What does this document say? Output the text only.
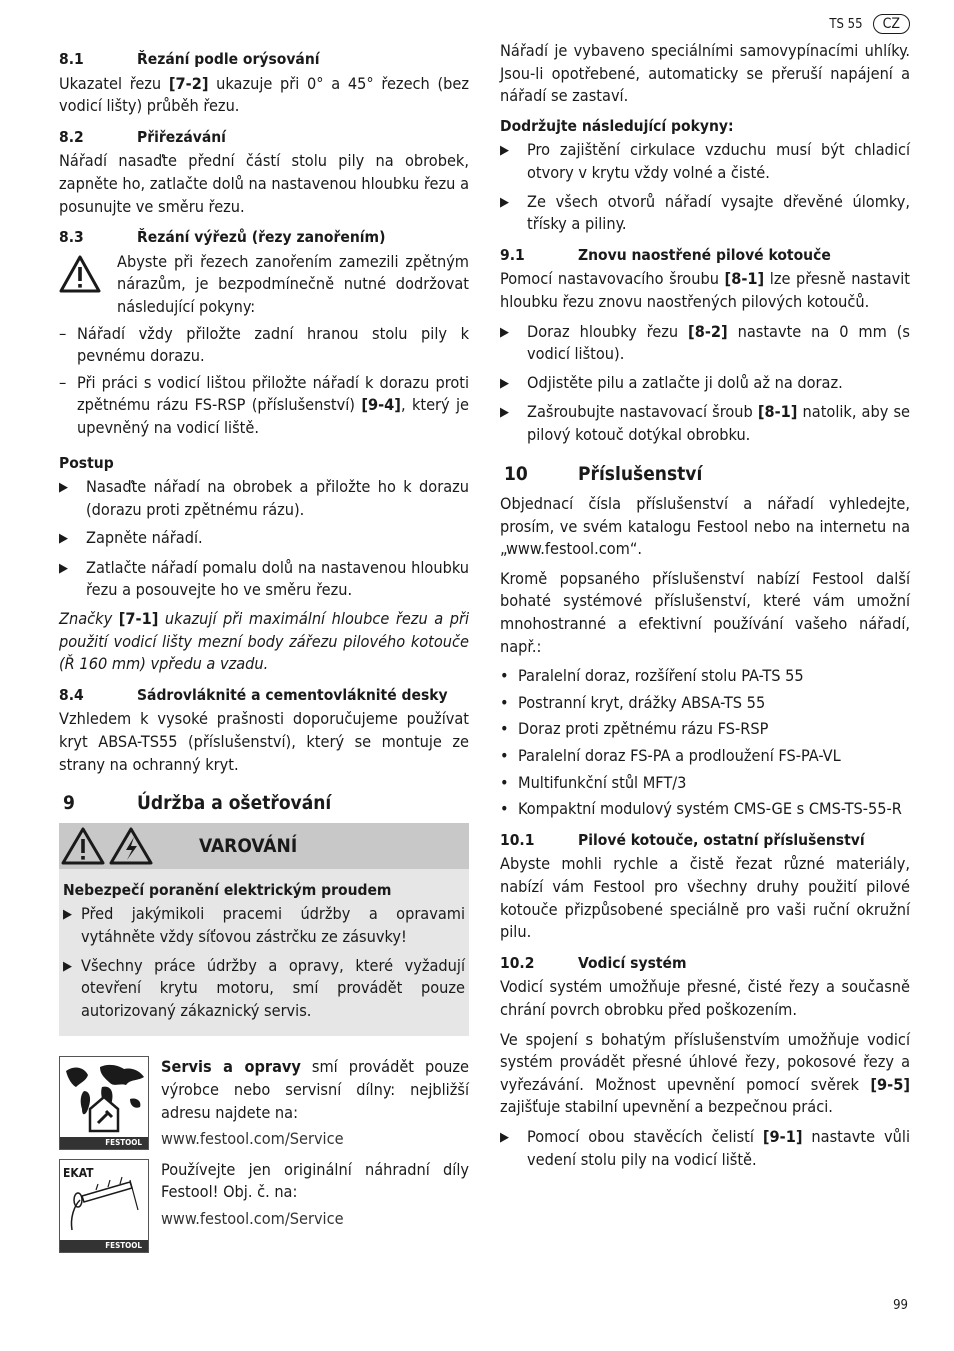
TS 55	CZ
8.1	Řezání podle orýsování

Ukazatel řezu [7-2] ukazuje při 0° a 45° řezech (bez vodicí lišty) průběh řezu.

8.2	Přiřezávání

Nářadí nasaďte přední částí stolu pily na obrobek, zapněte ho, zatlačte dolů na nastavenou hloubku řezu a posunujte ve směru řezu.

8.3	Řezání výřezů (řezy zanořením)
Abyste při řezech zanořením zamezili zpětným nárazům, je bezpodmínečně nutné dodržovat následující pokyny:
– Nářadí vždy přiložte zadní hranou stolu pily k pevnému dorazu.
– Při práci s vodicí lištou přiložte nářadí k dorazu proti zpětnému rázu FS-RSP (příslušenství) [9-4], který je upevněný na vodicí liště.
Postup
▶	Nasaďte nářadí na obrobek a přiložte ho k dorazu (dorazu proti zpětnému rázu).
▶	Zapněte nářadí.
▶	Zatlačte nářadí pomalu dolů na nastavenou hloubku řezu a posouvejte ho ve směru řezu.

Značky [7-1] ukazují při maximální hloubce řezu a při použití vodicí lišty mezní body zářezu pilového kotouče (Ř 160 mm) vpředu a vzadu.

8.4	Sádrovláknité a cementovláknité desky

Vzhledem k vysoké prašnosti doporučujeme používat kryt ABSA-TS55 (příslušenství), který se montuje ze strany na ochranný kryt.

9	Údržba a ošetřování
VAROVÁNÍ
Nebezpečí poranění elektrickým proudem
▶ Před jakýmikoli pracemi údržby a opravami vytáhněte vždy síťovou zástrčku ze zásuvky!
▶ Všechny práce údržby a opravy, které vyžadují otevření krytu motoru, smí provádět pouze autorizovaný zákaznický servis.
FESTOOL

Servis a opravy smí provádět pouze výrobce nebo servisní dílny: nejbližší adresu najdete na:

www.festool.com/Service
EKAT
FESTOOL

Používejte jen originální náhradní díly Festool! Obj. č. na:

www.festool.com/Service

Nářadí je vybaveno speciálními samovypínacími uhlíky. Jsou-li opotřebené, automaticky se přeruší napájení a nářadí se zastaví.

Dodržujte následující pokyny:
▶	Pro zajištění cirkulace vzduchu musí být chladicí otvory v krytu vždy volné a čisté.
▶	Ze všech otvorů nářadí vysajte dřevěné úlomky, třísky a piliny.
9.1	Znovu naostřené pilové kotouče

Pomocí nastavovacího šroubu [8-1] lze přesně nastavit hloubku řezu znovu naostřených pilových kotoučů.

▶	Doraz hloubky řezu [8-2] nastavte na 0 mm (s vodicí lištou).
▶	Odjistěte pilu a zatlačte ji dolů až na doraz.
▶	Zašroubujte nastavovací šroub [8-1] natolik, aby se pilový kotouč dotýkal obrobku.
10	Příslušenství

Objednací čísla příslušenství a nářadí vyhledejte, prosím, ve svém katalogu Festool nebo na internetu na „www.festool.com“.

Kromě popsaného příslušenství nabízí Festool další bohaté systémové příslušenství, které vám umožní mnohostranné a efektivní používání vašeho nářadí, např.:

• Paralelní doraz, rozšíření stolu PA-TS 55
• Postranní kryt, drážky ABSA-TS 55
• Doraz proti zpětnému rázu FS-RSP
• Paralelní doraz FS-PA a prodloužení FS-PA-VL
• Multifunkční stůl MFT/3
• Kompaktní modulový systém CMS-GE s CMS-TS-55-R
10.1	Pilové kotouče, ostatní příslušenství

Abyste mohli rychle a čistě řezat různé materiály, nabízí vám Festool pro všechny druhy použití pilové kotouče přizpůsobené speciálně pro vaši ruční okružní pilu.

10.2	Vodicí systém

Vodicí systém umožňuje přesné, čisté řezy a současně chrání povrch obrobku před poškozením.

Ve spojení s bohatým příslušenstvím umožňuje vodicí systém provádět přesné úhlové řezy, pokosové řezy a vyřezávání. Možnost upevnění pomocí svěrek [9-5] zajišťuje stabilní upevnění a bezpečnou práci.

▶	Pomocí obou stavěcích čelistí [9-1] nastavte vůli vedení stolu pily na vodicí liště.
99
